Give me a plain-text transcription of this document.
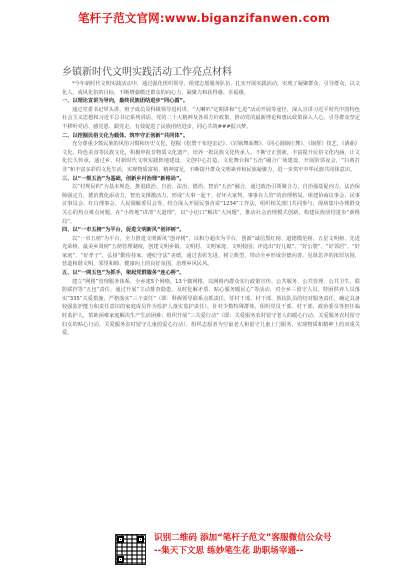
笔杆子范文官网:www.biganzifanwen.com
乡镇新时代文明实践活动工作亮点材料

*今年新时代文明实践活动中，通过强化组织领导、组建志愿服务队伍、扎实开展实践活动，实现了凝聚群众、引导群众，以文化人、成风化俗的目标，不断增强缴迁群众的向心力、凝聚力和获得感、幸福感。

一、以理论宣讲为导向，最终民族团结进步“同心圆”。

通过党委书记带头讲、班子成员及科级领导进村讲、“大喇叭”定期讲和“七进”活动开展等途径，深入宣讲习近平时代中国特色社会主义思想和习近平总书记系列讲话、党的二十大精神及各项方针政策，推动党的最新理论和惠民政策深入人心，引导群众坚定不移听党话、感党恩、跟党走，有效促进了民族团结进步，同心共筑###振兴梦。

二、以挖掘民俗文化为载体，筑牢守正创新“共同体”。

充分尊重少数民族的风俗习惯和历史文化，挖掘《松赞干布迎亲记》、《宕锅舞面舞》、《同心圆锅庄舞》、《锅帮》技艺、《酒曲》文化、特色美食等民族文化，积极申报非物质文化遗产，培养一批民族文化传承人，不断守正创新，丰富提升民俗文化内涵，让文化长久传承。通过乡、村新时代文明实践阵地建设，文创中心打造，文化舞台和“五治”融合广场建设，开展阶邻夜会，“扫黄打非”和丰富多彩的文化生活，实现物质富裕、精神富足，不断提升群众文明素养和民族凝聚力，进一步筑牢中华民族共同体意识。

三、以“一规五治”为基础，创新乡村治理“新格局”。

以“村规民约”为基本规范，推进政治、自治、法治、德治、智治“五治”融合，通过政治引领聚合力，自治强基促内力，法治保障强定力，德治教化添动力，智治支撑激活力，形成“大事一起干、好坏大家判、事事有人管”的治理格局。组建协商议事会、民事议事员会、红白理事会、人民调解委员会等，结合深入开展民事直说“1234”工作法，组织相关部门共同参与，现场集中办理群众关心的热点难点问题，在“小阵地”讲清“大道理”，以“小切口”解决“大问题”，推动社会治理模式创新，构建民族团结进步“新格局”。

四、以“一市五榜”为平台，促进文明新风“创评树”。

以“一市五榜”为平台，全力推进文明新风“创评树”，以积分超市为平台，创新“诚信黑红榜、道德模范榜、五星文明榜、先进光荣榜、最美乡贤榜”五榜管理制度，创建文明乡镇、文明村、文明家庭、文明校园；评选出“好儿媳”、“好公婆”、“好邻居”、“好家庭”、“好孝子”，弘扬“勤俭持家、遵纪守法”美德，通过表彰先进、树立典型，带动全乡形成崇德向善、见贤思齐的浓厚氛围，营造和谐文明、邻里和睦、健康向上的良好氛围，治理乡风民风。

五、以“一网五包”为抓手，架起党群服务“连心桥”。

建立“网格”管理服务体系，全乡建5个网格，13个微网格，以网格内群众实行政策宣传、公共服务、公共管理、公共卫生、联防联控等“五包”责任，通过开展“主动排查隐患、及时化解矛盾、贴心服务暖民心”等活动，对全乡三留守人员、特困供养人员落实“335”关爱措施，严格落实“三个责任”（即：科级领导联系点抓责任，驻村干部、村干部、帮扶队员的结对服务责任，确定具备较强监护能力和责任意识的家庭成员作为监护人落实监护责任）。针对少数特殊群体，组织党员干部、村干部、政协委员等担任临时监护人，帮助困难家庭解决生产生活困难；组织开展“三关爱行动”（即：关爱服务农村留守老人的暖心行动、关爱服务农村留守妇女的贴心行动、关爱服务农村留守儿童的爱心行动），组织志愿者为空巢老人和留守儿童上门服务，实现物质和精神上的双重关爱。

识别二维码 添加“笔杆子范文”客服微信公众号
--集天下文思 练妙笔生花 助职场宰通--
